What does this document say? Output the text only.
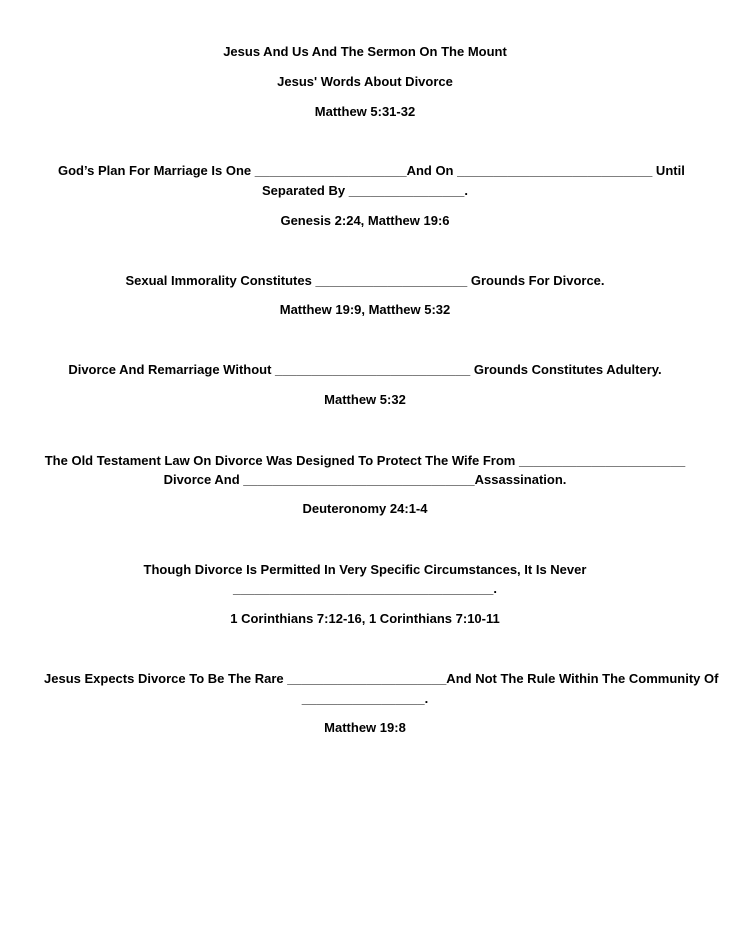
Jesus And Us And The Sermon On The Mount
Jesus' Words About Divorce
Matthew 5:31-32
God’s Plan For Marriage Is One _____________________And On ___________________________ Until
Separated By ________________.
Genesis 2:24, Matthew 19:6
Sexual Immorality Constitutes _____________________ Grounds For Divorce.
Matthew 19:9, Matthew 5:32
Divorce And Remarriage Without ___________________________ Grounds Constitutes Adultery.
Matthew 5:32
The Old Testament Law On Divorce Was Designed To Protect The Wife From _______________________
Divorce And ________________________________Assassination.
Deuteronomy 24:1-4
Though Divorce Is Permitted In Very Specific Circumstances, It Is Never
____________________________________.
1 Corinthians 7:12-16, 1 Corinthians 7:10-11
Jesus Expects Divorce To Be The Rare ______________________And Not The Rule Within The Community Of
_________________.
Matthew 19:8
